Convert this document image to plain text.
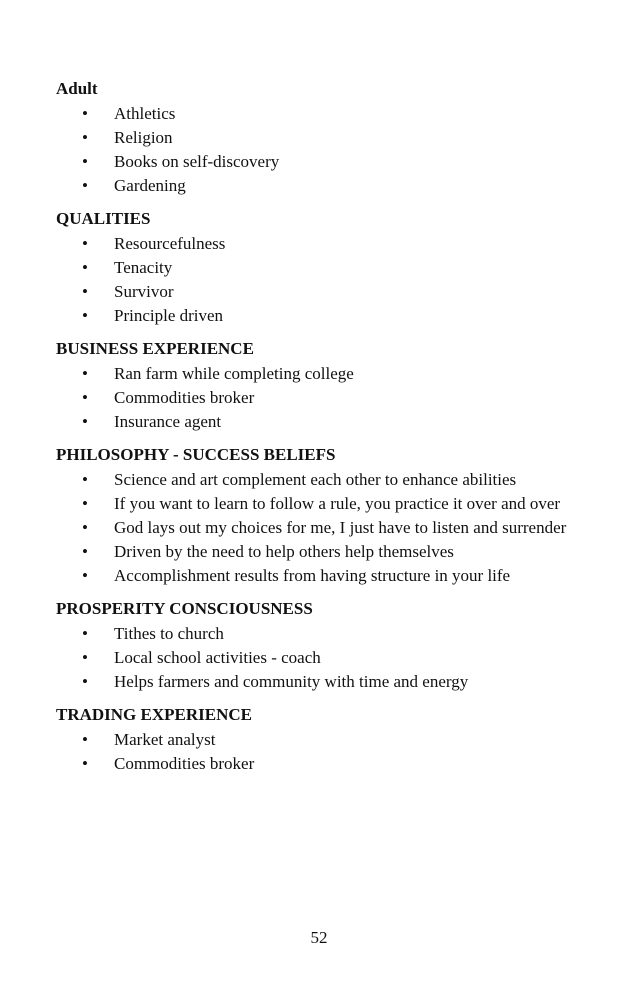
Adult
•	Athletics
•	Religion
•	Books on self-discovery
•	Gardening
QUALITIES
•	Resourcefulness
•	Tenacity
•	Survivor
•	Principle driven
BUSINESS EXPERIENCE
•	Ran farm while completing college
•	Commodities broker
•	Insurance agent
PHILOSOPHY - SUCCESS BELIEFS
•	Science and art complement each other to enhance abilities
•	If you want to learn to follow a rule, you practice it over and over
•	God lays out my choices for me, I just have to listen and surrender
•	Driven by the need to help others help themselves
•	Accomplishment results from having structure in your life
PROSPERITY CONSCIOUSNESS
•	Tithes to church
•	Local school activities - coach
•	Helps farmers and community with time and energy
TRADING EXPERIENCE
•	Market analyst
•	Commodities broker
52
